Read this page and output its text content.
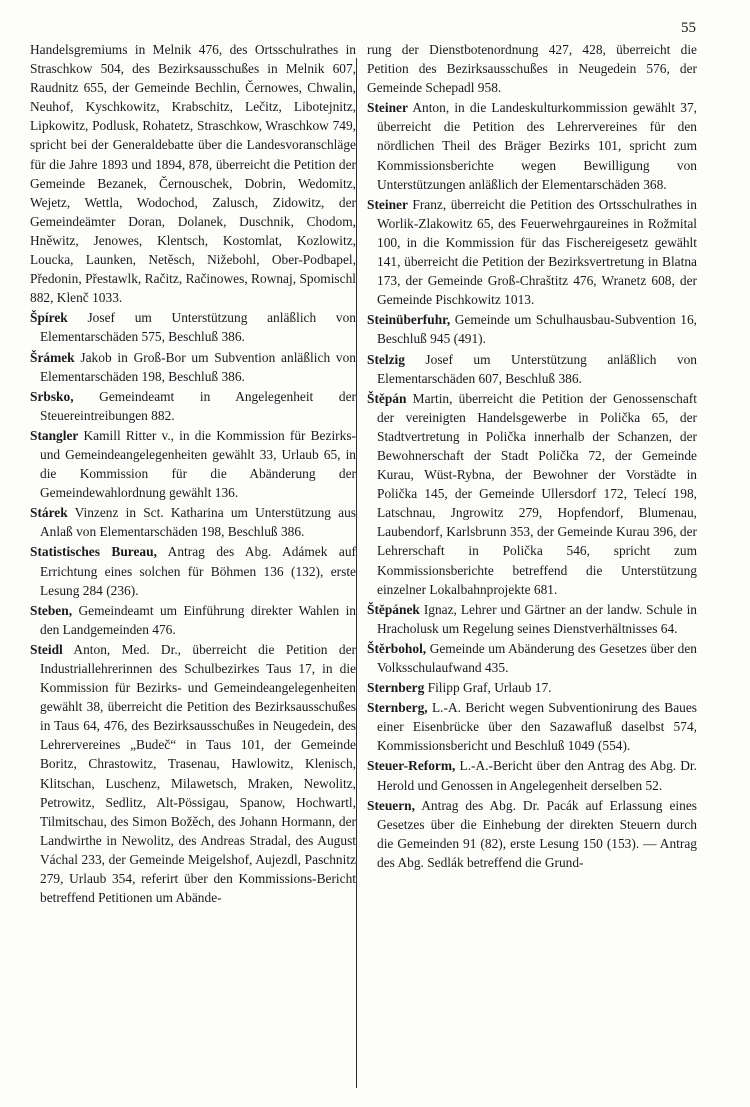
55

Handelsgremiums in Melnik 476, des Ortsschulrathes in Straschkow 504, des Bezirksausschußes in Melnik 607, Raudnitz 655, der Gemeinde Bechlin, Černowes, Chwalin, Neuhof, Kyschkowitz, Krabschitz, Lečitz, Libotejnitz, Lipkowitz, Podlusk, Rohatetz, Straschkow, Wraschkow 749, spricht bei der Generaldebatte über die Landesvoranschläge für die Jahre 1893 und 1894, 878, überreicht die Petition der Gemeinde Bezanek, Černouschek, Dobrin, Wedomitz, Wejetz, Wettla, Wodochod, Zalusch, Zidowitz, der Gemeindeämter Doran, Dolanek, Duschnik, Chodom, Hněwitz, Jenowes, Klentsch, Kostomlat, Kozlowitz, Loucka, Launken, Netěsch, Nižebohl, Ober-Podbapel, Předonin, Přestawlk, Račitz, Račinowes, Rownaj, Spomischl 882, Klenč 1033.

Špírek Josef um Unterstützung anläßlich von Elementarschäden 575, Beschluß 386.

Šrámek Jakob in Groß-Bor um Subvention anläßlich von Elementarschäden 198, Beschluß 386.

Srbsko, Gemeindeamt in Angelegenheit der Steuereintreibungen 882.

Stangler Kamill Ritter v., in die Kommission für Bezirks- und Gemeindeangelegenheiten gewählt 33, Urlaub 65, in die Kommission für die Abänderung der Gemeindewahlordnung gewählt 136.

Stárek Vinzenz in Sct. Katharina um Unterstützung aus Anlaß von Elementarschäden 198, Beschluß 386.

Statistisches Bureau, Antrag des Abg. Adámek auf Errichtung eines solchen für Böhmen 136 (132), erste Lesung 284 (236).

Steben, Gemeindeamt um Einführung direkter Wahlen in den Landgemeinden 476.

Steidl Anton, Med. Dr., überreicht die Petition der Industriallehrerinnen des Schulbezirkes Taus 17, in die Kommission für Bezirks- und Gemeindeangelegenheiten gewählt 38, überreicht die Petition des Bezirksausschußes in Taus 64, 476, des Bezirksausschußes in Neugedein, des Lehrervereines „Budeč“ in Taus 101, der Gemeinde Boritz, Chrastowitz, Trasenau, Hawlowitz, Klenisch, Klitschan, Luschenz, Milawetsch, Mraken, Newolitz, Petrowitz, Sedlitz, Alt-Pössigau, Spanow, Hochwartl, Tilmitschau, des Simon Božěch, des Johann Hormann, der Landwirthe in Newolitz, des Andreas Stradal, des August Váchal 233, der Gemeinde Meigelshof, Aujezdl, Paschnitz 279, Urlaub 354, referirt über den Kommissions-Bericht betreffend Petitionen um Abände-

rung der Dienstbotenordnung 427, 428, überreicht die Petition des Bezirksausschußes in Neugedein 576, der Gemeinde Schepadl 958.

Steiner Anton, in die Landeskulturkommission gewählt 37, überreicht die Petition des Lehrervereines für den nördlichen Theil des Bräger Bezirks 101, spricht zum Kommissionsberichte wegen Bewilligung von Unterstützungen anläßlich der Elementarschäden 368.

Steiner Franz, überreicht die Petition des Ortsschulrathes in Worlik-Zlakowitz 65, des Feuerwehrgaureines in Rožmital 100, in die Kommission für das Fischereigesetz gewählt 141, überreicht die Petition der Bezirksvertretung in Blatna 173, der Gemeinde Groß-Chraštitz 476, Wranetz 608, der Gemeinde Pischkowitz 1013.

Steinüberfuhr, Gemeinde um Schulhausbau-Subvention 16, Beschluß 945 (491).

Stelzig Josef um Unterstützung anläßlich von Elementarschäden 607, Beschluß 386.

Štěpán Martin, überreicht die Petition der Genossenschaft der vereinigten Handelsgewerbe in Polička 65, der Stadtvertretung in Polička innerhalb der Schanzen, der Bewohnerschaft der Stadt Polička 72, der Gemeinde Kurau, Wüst-Rybna, der Bewohner der Vorstädte in Polička 145, der Gemeinde Ullersdorf 172, Telecí 198, Latschnau, Jngrowitz 279, Hopfendorf, Blumenau, Laubendorf, Karlsbrunn 353, der Gemeinde Kurau 396, der Lehrerschaft in Polička 546, spricht zum Kommissionsberichte betreffend die Unterstützung einzelner Lokalbahnprojekte 681.

Štěpánek Ignaz, Lehrer und Gärtner an der landw. Schule in Hracholusk um Regelung seines Dienstverhältnisses 64.

Štěrbohol, Gemeinde um Abänderung des Gesetzes über den Volksschulaufwand 435.

Sternberg Filipp Graf, Urlaub 17.

Sternberg, L.-A. Bericht wegen Subventionirung des Baues einer Eisenbrücke über den Sazawafluß daselbst 574, Kommissionsbericht und Beschluß 1049 (554).

Steuer-Reform, L.-A.-Bericht über den Antrag des Abg. Dr. Herold und Genossen in Angelegenheit derselben 52.

Steuern, Antrag des Abg. Dr. Pacák auf Erlassung eines Gesetzes über die Einhebung der direkten Steuern durch die Gemeinden 91 (82), erste Lesung 150 (153). — Antrag des Abg. Sedlák betreffend die Grund-
